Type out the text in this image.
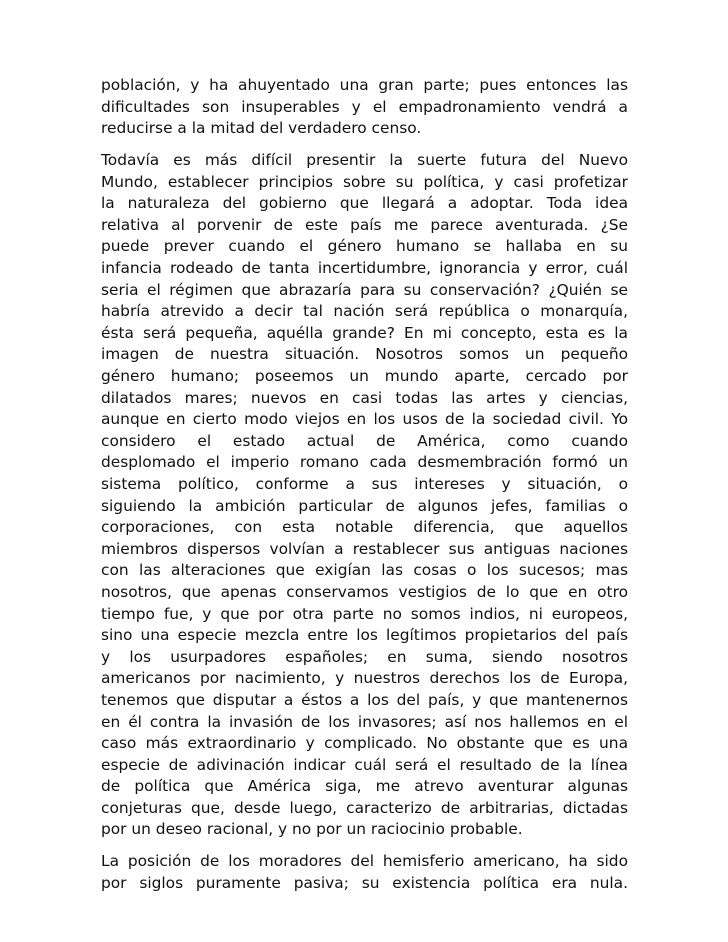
población, y ha ahuyentado una gran parte; pues entonces las
dificultades son insuperables y el empadronamiento vendrá a
reducirse a la mitad del verdadero censo.
Todavía es más difícil presentir la suerte futura del Nuevo
Mundo, establecer principios sobre su política, y casi profetizar
la naturaleza del gobierno que llegará a adoptar. Toda idea
relativa al porvenir de este país me parece aventurada. ¿Se
puede prever cuando el género humano se hallaba en su
infancia rodeado de tanta incertidumbre, ignorancia y error, cuál
seria el régimen que abrazaría para su conservación? ¿Quién se
habría atrevido a decir tal nación será república o monarquía,
ésta será pequeña, aquélla grande? En mi concepto, esta es la
imagen de nuestra situación. Nosotros somos un pequeño
género humano; poseemos un mundo aparte, cercado por
dilatados mares; nuevos en casi todas las artes y ciencias,
aunque en cierto modo viejos en los usos de la sociedad civil. Yo
considero el estado actual de América, como cuando
desplomado el imperio romano cada desmembración formó un
sistema político, conforme a sus intereses y situación, o
siguiendo la ambición particular de algunos jefes, familias o
corporaciones, con esta notable diferencia, que aquellos
miembros dispersos volvían a restablecer sus antiguas naciones
con las alteraciones que exigían las cosas o los sucesos; mas
nosotros, que apenas conservamos vestigios de lo que en otro
tiempo fue, y que por otra parte no somos indios, ni europeos,
sino una especie mezcla entre los legítimos propietarios del país
y los usurpadores españoles; en suma, siendo nosotros
americanos por nacimiento, y nuestros derechos los de Europa,
tenemos que disputar a éstos a los del país, y que mantenernos
en él contra la invasión de los invasores; así nos hallemos en el
caso más extraordinario y complicado. No obstante que es una
especie de adivinación indicar cuál será el resultado de la línea
de política que América siga, me atrevo aventurar algunas
conjeturas que, desde luego, caracterizo de arbitrarias, dictadas
por un deseo racional, y no por un raciocinio probable.
La posición de los moradores del hemisferio americano, ha sido
por siglos puramente pasiva; su existencia política era nula.
